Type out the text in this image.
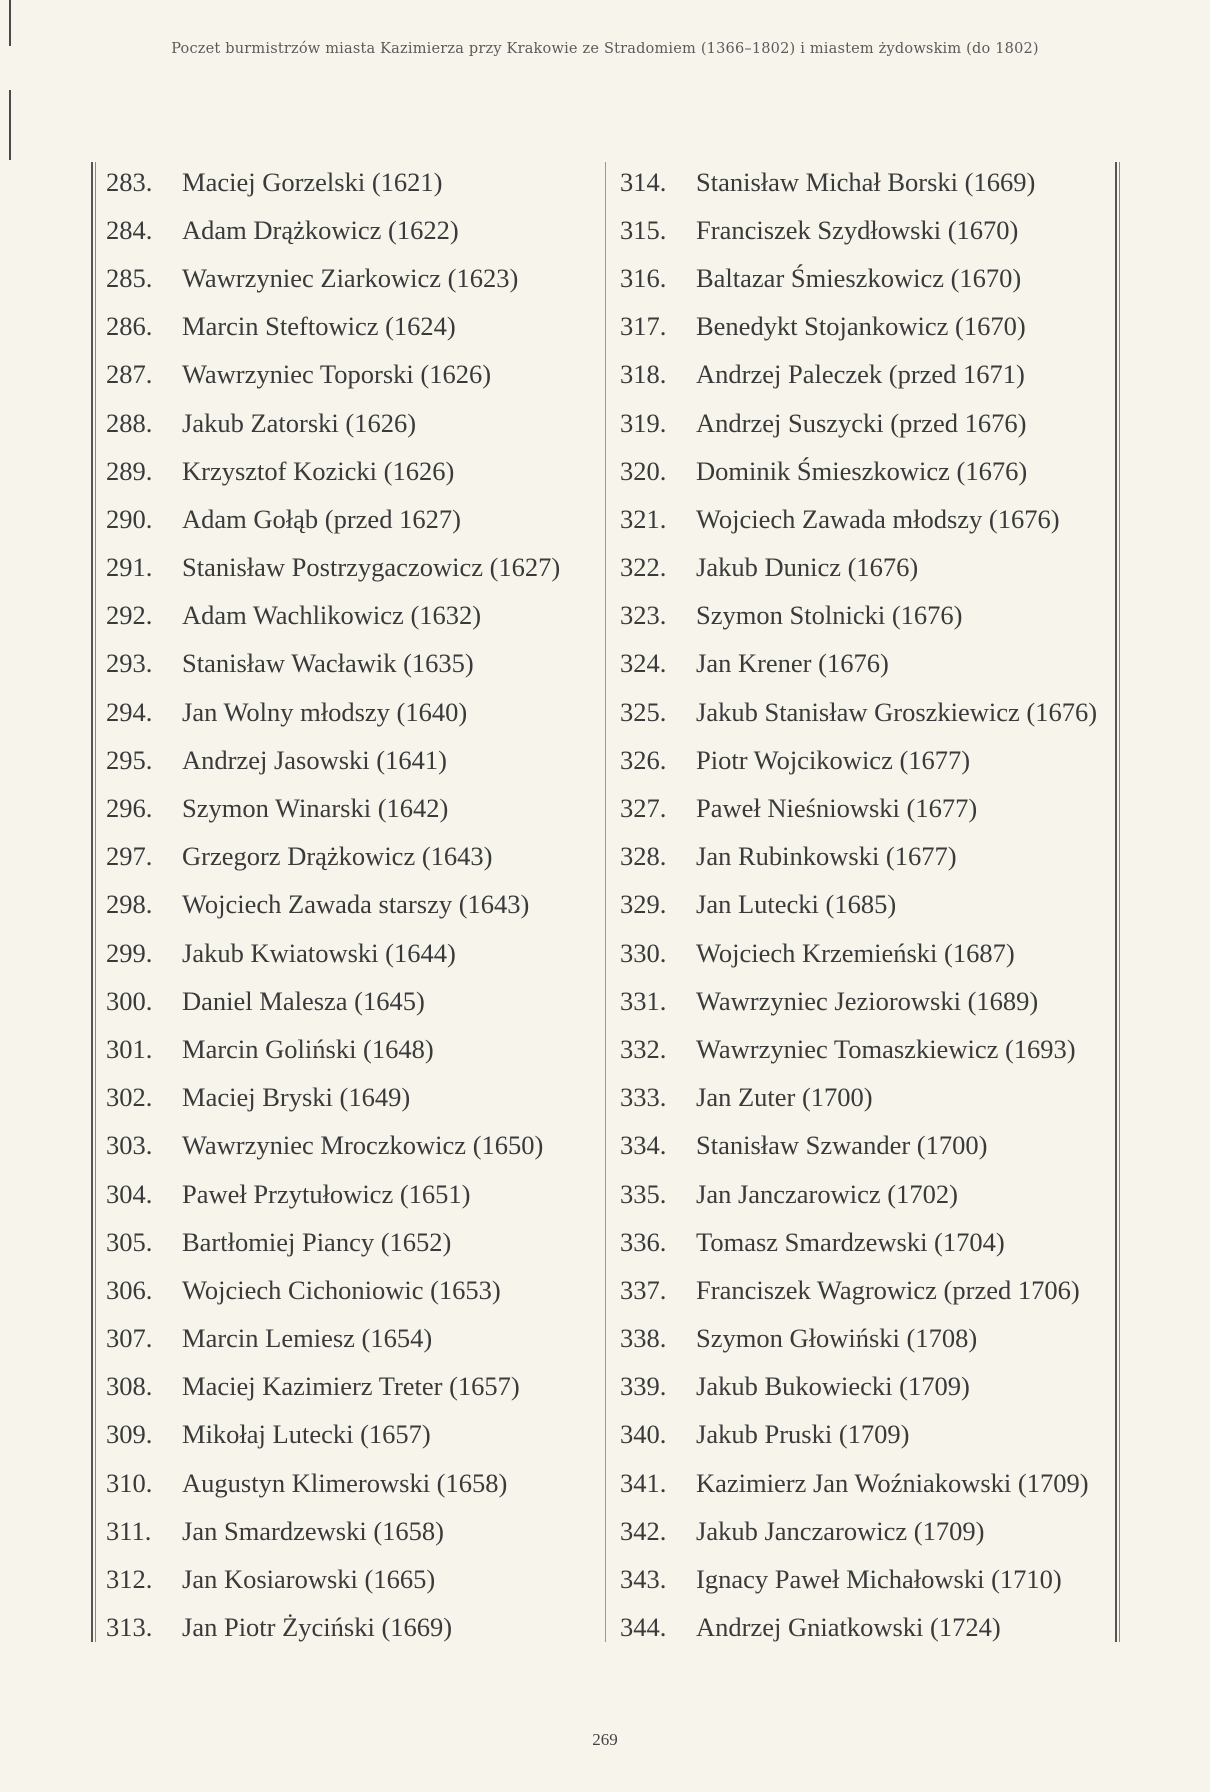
Poczet burmistrzów miasta Kazimierza przy Krakowie ze Stradomiem (1366–1802) i miastem żydowskim (do 1802)
283.	Maciej Gorzelski (1621)
284.	Adam Drążkowicz (1622)
285.	Wawrzyniec Ziarkowicz (1623)
286.	Marcin Steftowicz (1624)
287.	Wawrzyniec Toporski (1626)
288.	Jakub Zatorski (1626)
289.	Krzysztof Kozicki (1626)
290.	Adam Gołąb (przed 1627)
291.	Stanisław Postrzygaczowicz (1627)
292.	Adam Wachlikowicz (1632)
293.	Stanisław Wacławik (1635)
294.	Jan Wolny młodszy (1640)
295.	Andrzej Jasowski (1641)
296.	Szymon Winarski (1642)
297.	Grzegorz Drążkowicz (1643)
298.	Wojciech Zawada starszy (1643)
299.	Jakub Kwiatowski (1644)
300.	Daniel Malesza (1645)
301.	Marcin Goliński (1648)
302.	Maciej Bryski (1649)
303.	Wawrzyniec Mroczkowicz (1650)
304.	Paweł Przytułowicz (1651)
305.	Bartłomiej Piancy (1652)
306.	Wojciech Cichoniowic (1653)
307.	Marcin Lemiesz (1654)
308.	Maciej Kazimierz Treter (1657)
309.	Mikołaj Lutecki (1657)
310.	Augustyn Klimerowski (1658)
311.	Jan Smardzewski (1658)
312.	Jan Kosiarowski (1665)
313.	Jan Piotr Życiński (1669)
314.	Stanisław Michał Borski (1669)
315.	Franciszek Szydłowski (1670)
316.	Baltazar Śmieszkowicz (1670)
317.	Benedykt Stojankowicz (1670)
318.	Andrzej Paleczek (przed 1671)
319.	Andrzej Suszycki (przed 1676)
320.	Dominik Śmieszkowicz (1676)
321.	Wojciech Zawada młodszy (1676)
322.	Jakub Dunicz (1676)
323.	Szymon Stolnicki (1676)
324.	Jan Krener (1676)
325.	Jakub Stanisław Groszkiewicz (1676)
326.	Piotr Wojcikowicz (1677)
327.	Paweł Nieśniowski (1677)
328.	Jan Rubinkowski (1677)
329.	Jan Lutecki (1685)
330.	Wojciech Krzemieński (1687)
331.	Wawrzyniec Jeziorowski (1689)
332.	Wawrzyniec Tomaszkiewicz (1693)
333.	Jan Zuter (1700)
334.	Stanisław Szwander (1700)
335.	Jan Janczarowicz (1702)
336.	Tomasz Smardzewski (1704)
337.	Franciszek Wagrowicz (przed 1706)
338.	Szymon Głowiński (1708)
339.	Jakub Bukowiecki (1709)
340.	Jakub Pruski (1709)
341.	Kazimierz Jan Woźniakowski (1709)
342.	Jakub Janczarowicz (1709)
343.	Ignacy Paweł Michałowski (1710)
344.	Andrzej Gniatkowski (1724)
269
